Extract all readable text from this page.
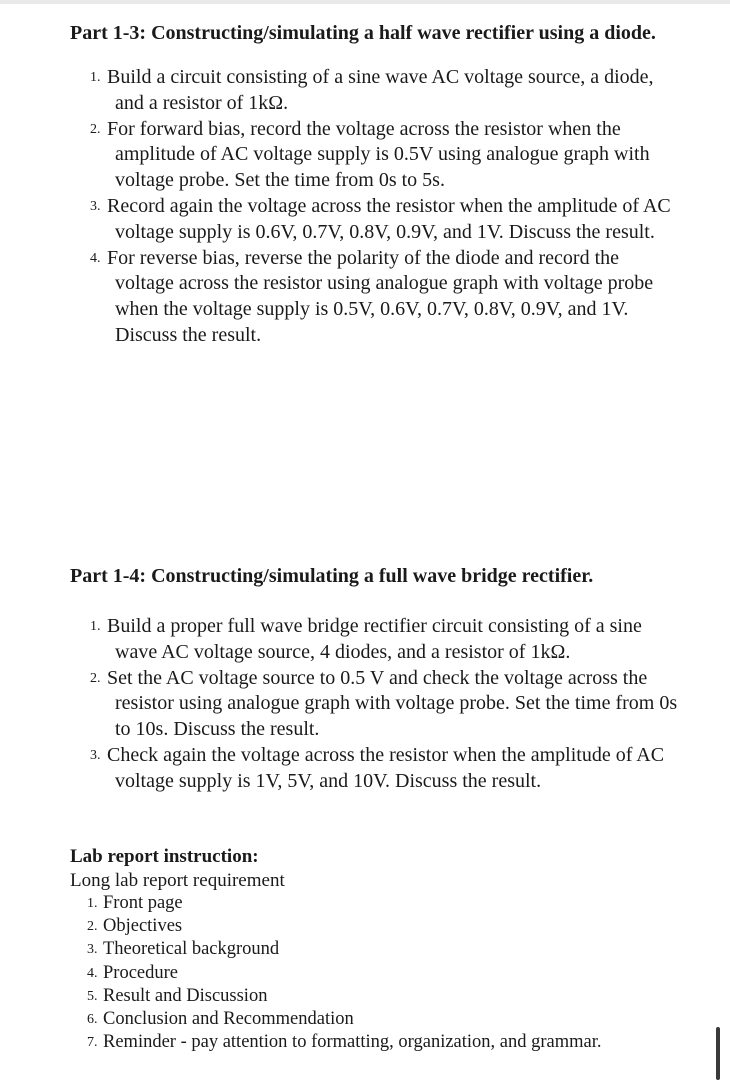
Part 1-3: Constructing/simulating a half wave rectifier using a diode.
1. Build a circuit consisting of a sine wave AC voltage source, a diode, and a resistor of 1kΩ.
2. For forward bias, record the voltage across the resistor when the amplitude of AC voltage supply is 0.5V using analogue graph with voltage probe. Set the time from 0s to 5s.
3. Record again the voltage across the resistor when the amplitude of AC voltage supply is 0.6V, 0.7V, 0.8V, 0.9V, and 1V. Discuss the result.
4. For reverse bias, reverse the polarity of the diode and record the voltage across the resistor using analogue graph with voltage probe when the voltage supply is 0.5V, 0.6V, 0.7V, 0.8V, 0.9V, and 1V. Discuss the result.
Part 1-4: Constructing/simulating a full wave bridge rectifier.
1. Build a proper full wave bridge rectifier circuit consisting of a sine wave AC voltage source, 4 diodes, and a resistor of 1kΩ.
2. Set the AC voltage source to 0.5 V and check the voltage across the resistor using analogue graph with voltage probe. Set the time from 0s to 10s. Discuss the result.
3. Check again the voltage across the resistor when the amplitude of AC voltage supply is 1V, 5V, and 10V. Discuss the result.

Lab report instruction:

Long lab report requirement

1. Front page
2. Objectives
3. Theoretical background
4. Procedure
5. Result and Discussion
6. Conclusion and Recommendation
7. Reminder - pay attention to formatting, organization, and grammar.
